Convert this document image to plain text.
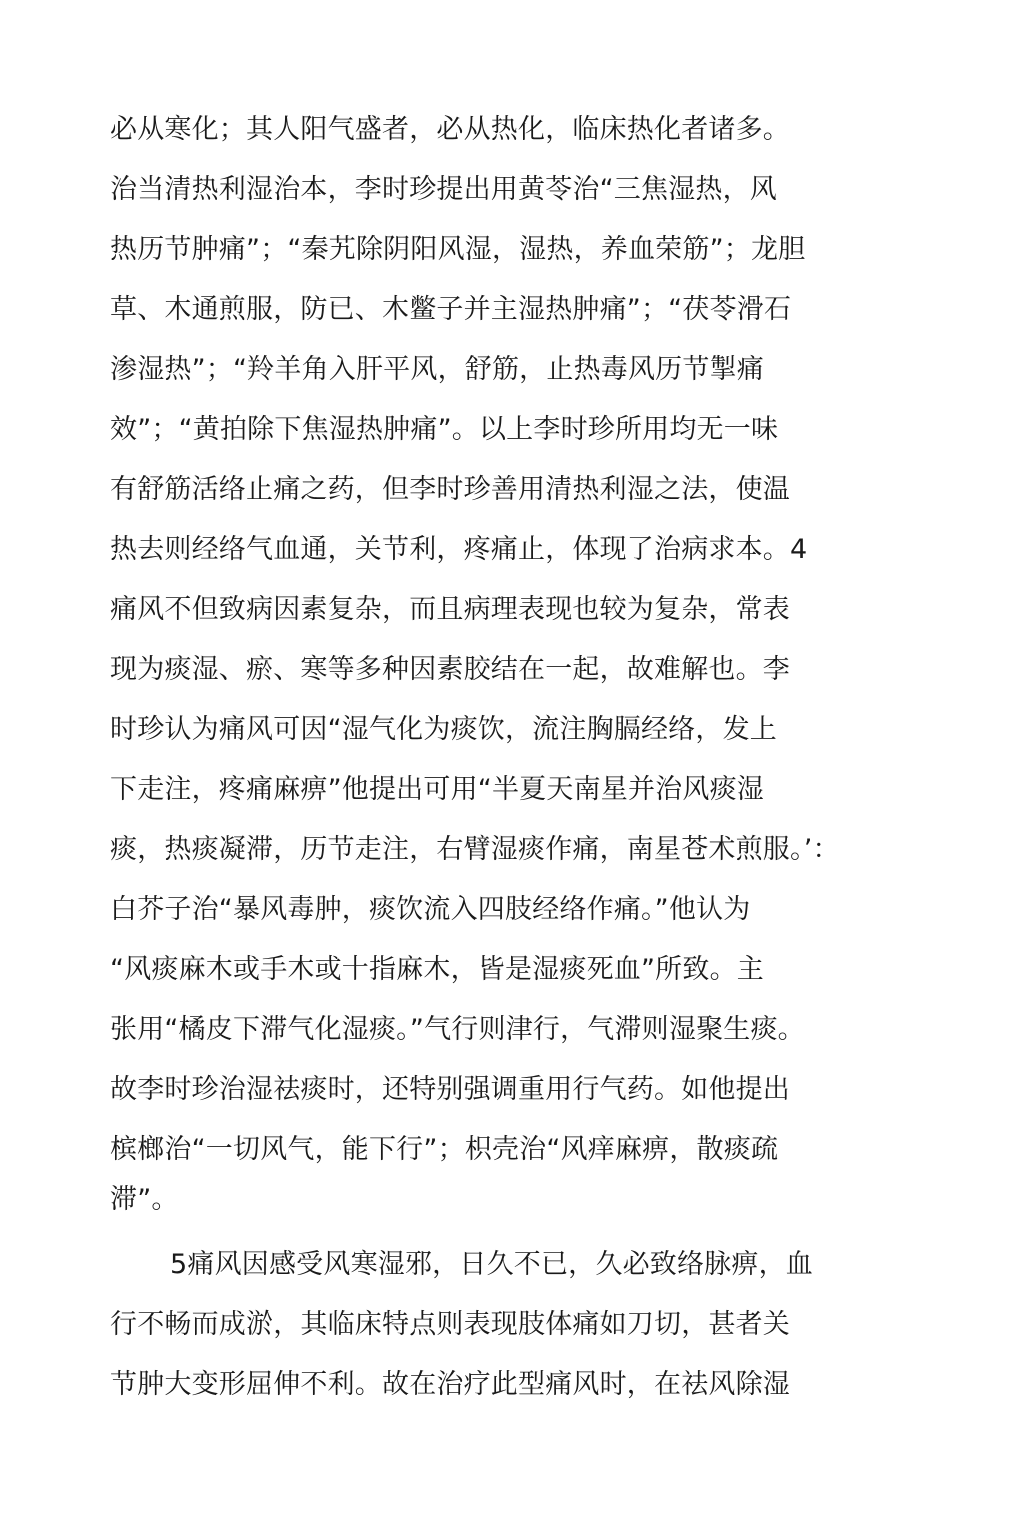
必从寒化；其人阳气盛者，必从热化，临床热化者诸多。
治当清热利湿治本，李时珍提出用黄苓治“三焦湿热，风
热历节肿痛”；“秦艽除阴阳风湿，湿热，养血荣筋”；龙胆
草、木通煎服，防已、木鳖子并主湿热肿痛”；“茯苓滑石
渗湿热”；“羚羊角入肝平风，舒筋，止热毒风历节掣痛
效”；“黄拍除下焦湿热肿痛”。以上李时珍所用均无一味
有舒筋活络止痛之药，但李时珍善用清热利湿之法，使温
热去则经络气血通，关节利，疼痛止，体现了治病求本。4
痛风不但致病因素复杂，而且病理表现也较为复杂，常表
现为痰湿、瘀、寒等多种因素胶结在一起，故难解也。李
时珍认为痛风可因“湿气化为痰饮，流注胸膈经络，发上
下走注，疼痛麻痹”他提出可用“半夏天南星并治风痰湿
痰，热痰凝滞，历节走注，右臂湿痰作痛，南星苍术煎服。’：
白芥子治“暴风毒肿，痰饮流入四肢经络作痛。”他认为
“风痰麻木或手木或十指麻木，皆是湿痰死血”所致。主
张用“橘皮下滞气化湿痰。”气行则津行，气滞则湿聚生痰。
故李时珍治湿祛痰时，还特别强调重用行气药。如他提出
槟榔治“一切风气，能下行”；枳壳治“风痒麻痹，散痰疏
滞”。
5痛风因感受风寒湿邪，日久不已，久必致络脉痹，血
行不畅而成淤，其临床特点则表现肢体痛如刀切，甚者关
节肿大变形屈伸不利。故在治疗此型痛风时，在祛风除湿
